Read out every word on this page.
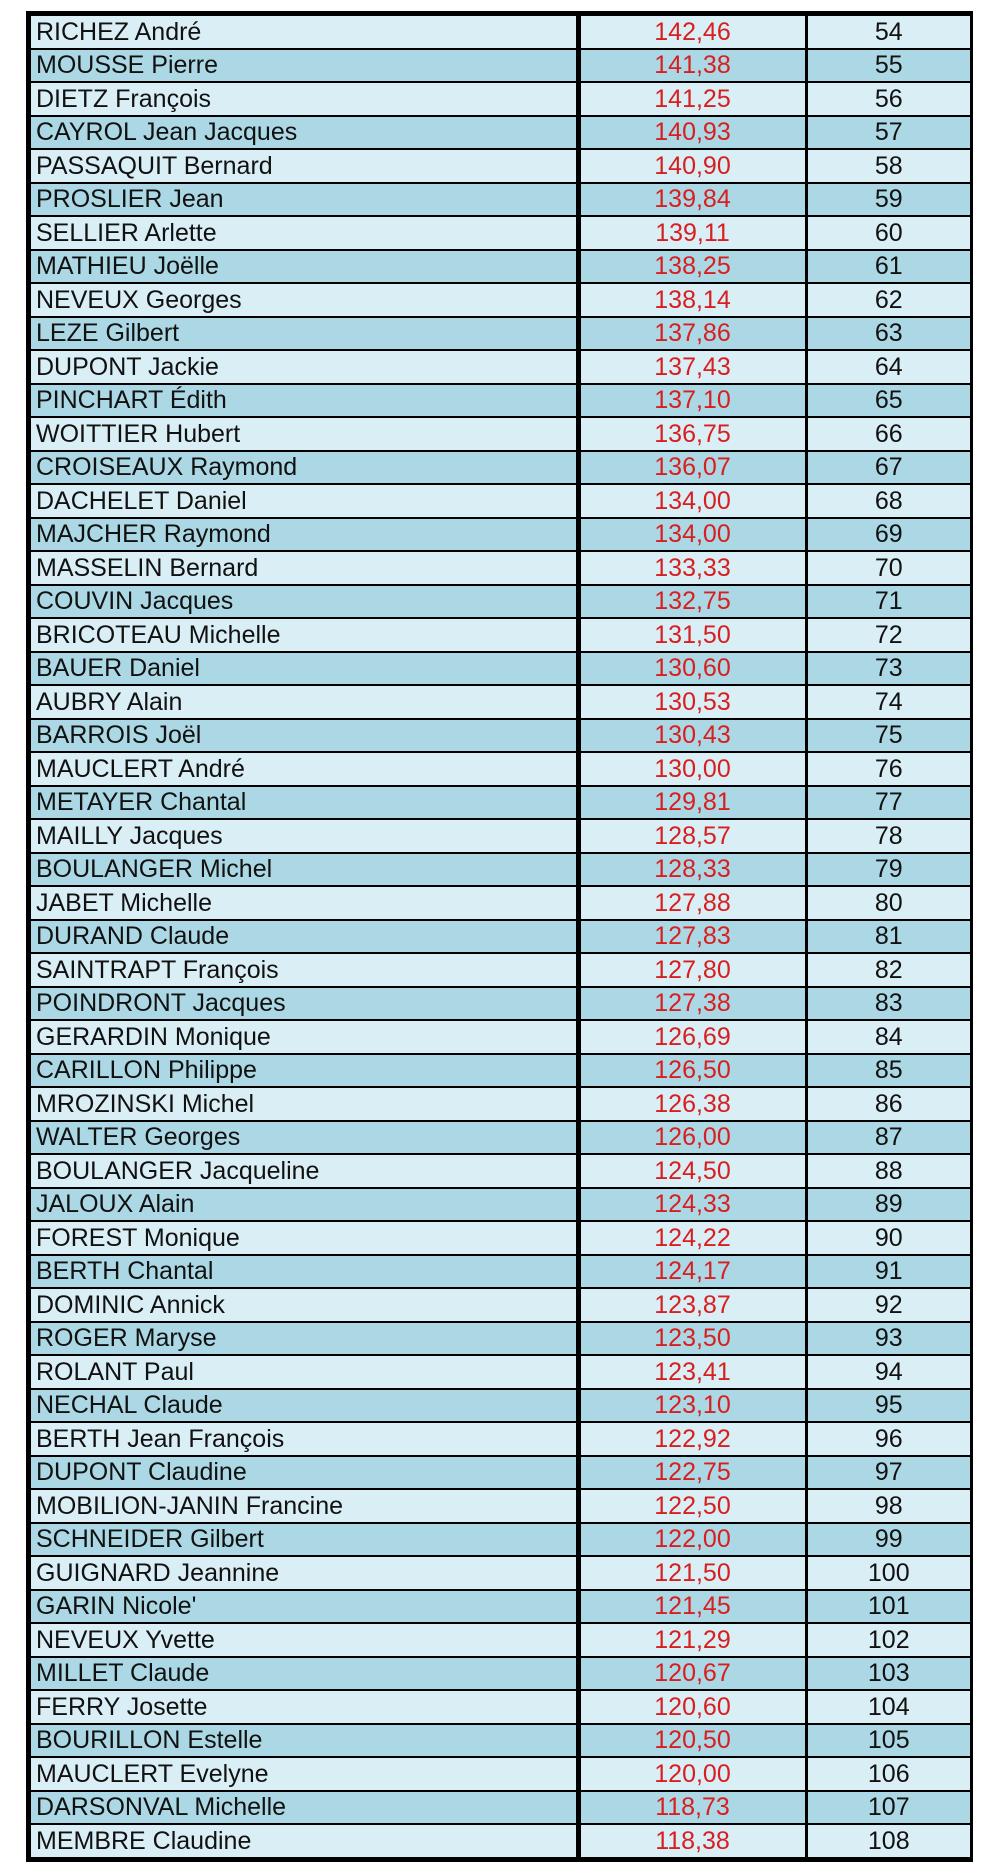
RICHEZ André	142,46	54
MOUSSE Pierre	141,38	55
DIETZ François	141,25	56
CAYROL Jean Jacques	140,93	57
PASSAQUIT Bernard	140,90	58
PROSLIER Jean	139,84	59
SELLIER Arlette	139,11	60
MATHIEU Joëlle	138,25	61
NEVEUX Georges	138,14	62
LEZE Gilbert	137,86	63
DUPONT Jackie	137,43	64
PINCHART Édith	137,10	65
WOITTIER Hubert	136,75	66
CROISEAUX Raymond	136,07	67
DACHELET Daniel	134,00	68
MAJCHER Raymond	134,00	69
MASSELIN Bernard	133,33	70
COUVIN Jacques	132,75	71
BRICOTEAU Michelle	131,50	72
BAUER Daniel	130,60	73
AUBRY Alain	130,53	74
BARROIS Joël	130,43	75
MAUCLERT André	130,00	76
METAYER Chantal	129,81	77
MAILLY Jacques	128,57	78
BOULANGER Michel	128,33	79
JABET Michelle	127,88	80
DURAND Claude	127,83	81
SAINTRAPT François	127,80	82
POINDRONT Jacques	127,38	83
GERARDIN Monique	126,69	84
CARILLON Philippe	126,50	85
MROZINSKI Michel	126,38	86
WALTER Georges	126,00	87
BOULANGER Jacqueline	124,50	88
JALOUX Alain	124,33	89
FOREST Monique	124,22	90
BERTH Chantal	124,17	91
DOMINIC Annick	123,87	92
ROGER Maryse	123,50	93
ROLANT Paul	123,41	94
NECHAL Claude	123,10	95
BERTH Jean François	122,92	96
DUPONT Claudine	122,75	97
MOBILION-JANIN Francine	122,50	98
SCHNEIDER Gilbert	122,00	99
GUIGNARD Jeannine	121,50	100
GARIN Nicole'	121,45	101
NEVEUX Yvette	121,29	102
MILLET Claude	120,67	103
FERRY Josette	120,60	104
BOURILLON Estelle	120,50	105
MAUCLERT Evelyne	120,00	106
DARSONVAL Michelle	118,73	107
MEMBRE Claudine	118,38	108
